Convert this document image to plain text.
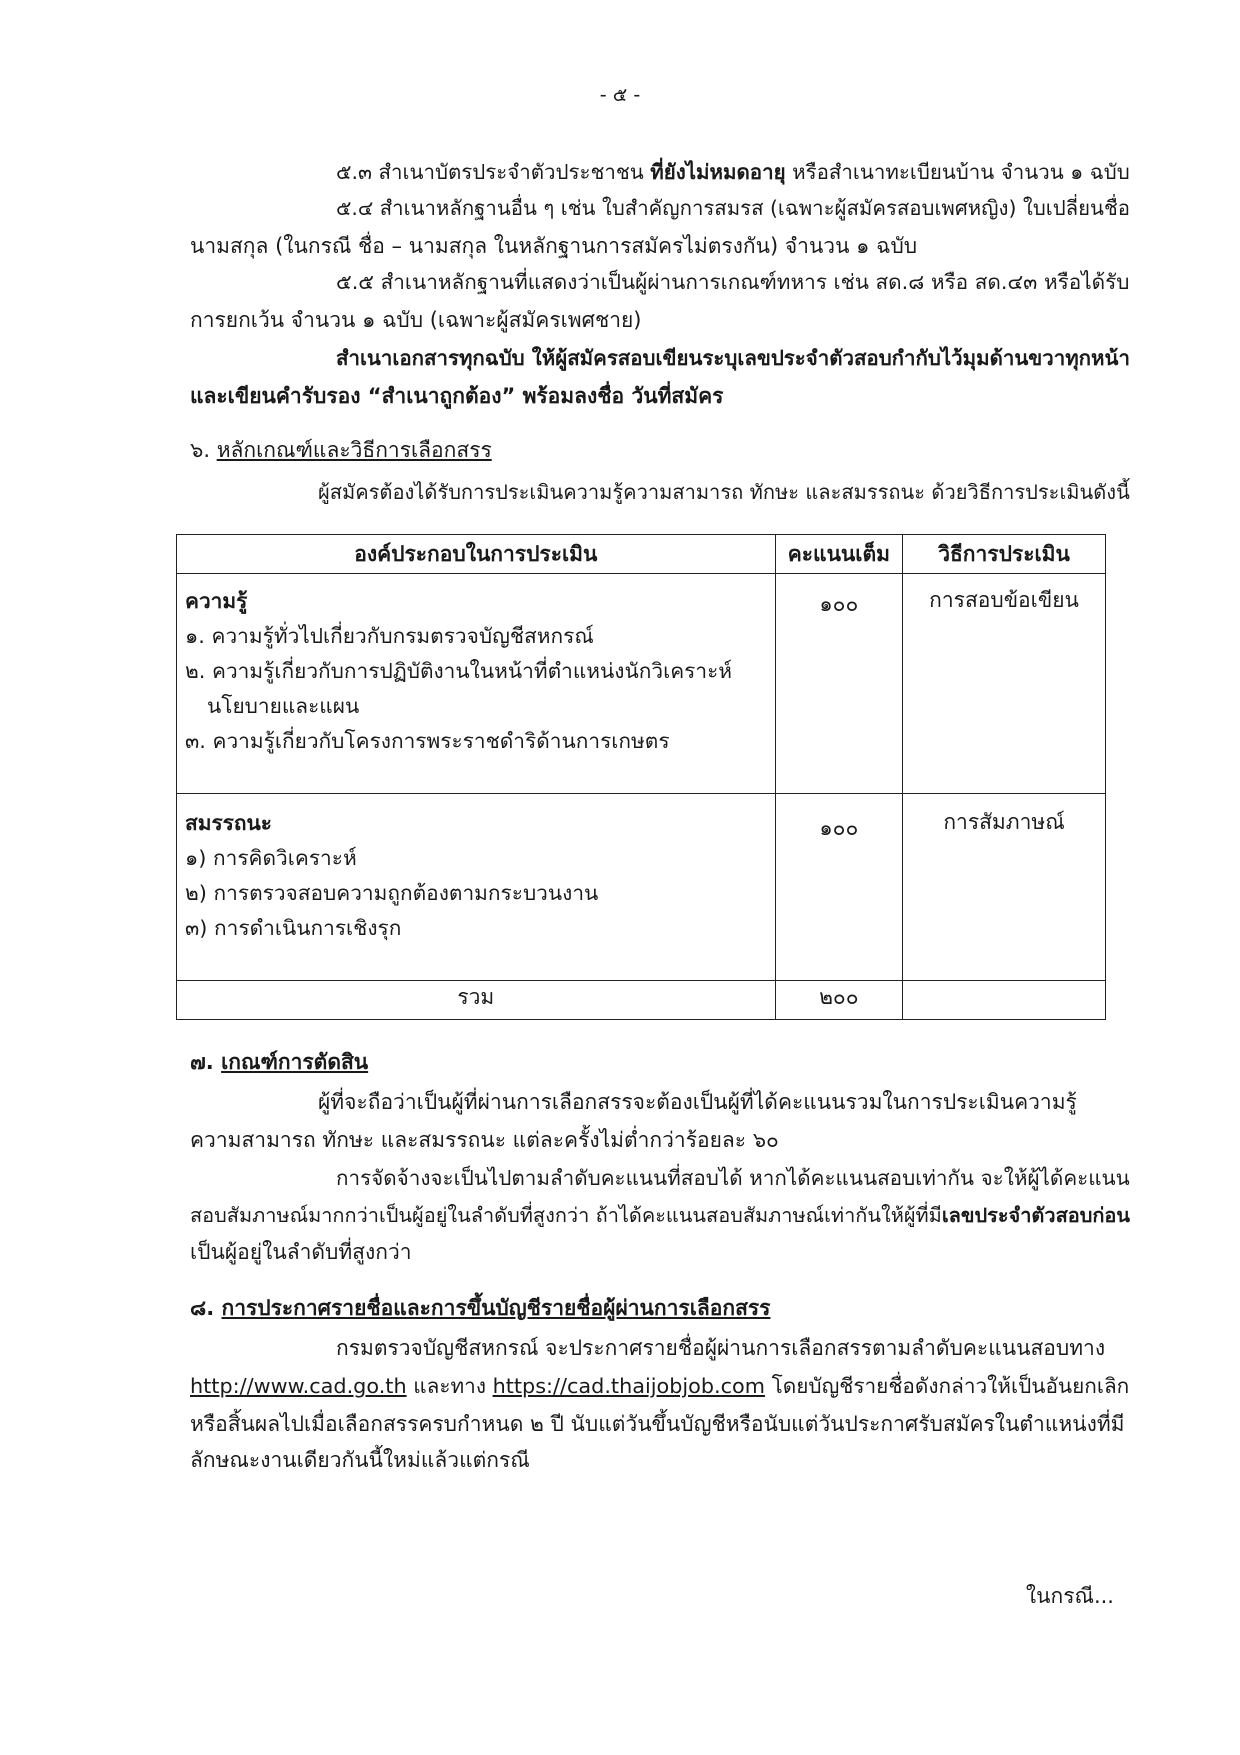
- ๕ -
๕.๓ สำเนาบัตรประจำตัวประชาชน ที่ยังไม่หมดอายุ หรือสำเนาทะเบียนบ้าน จำนวน ๑ ฉบับ
๕.๔ สำเนาหลักฐานอื่น ๆ เช่น ใบสำคัญการสมรส (เฉพาะผู้สมัครสอบเพศหญิง) ใบเปลี่ยนชื่อ
นามสกุล (ในกรณี ชื่อ – นามสกุล ในหลักฐานการสมัครไม่ตรงกัน) จำนวน ๑ ฉบับ
๕.๕ สำเนาหลักฐานที่แสดงว่าเป็นผู้ผ่านการเกณฑ์ทหาร เช่น สด.๘ หรือ สด.๔๓ หรือได้รับ
การยกเว้น จำนวน ๑ ฉบับ (เฉพาะผู้สมัครเพศชาย)
สำเนาเอกสารทุกฉบับ ให้ผู้สมัครสอบเขียนระบุเลขประจำตัวสอบกำกับไว้มุมด้านขวาทุกหน้า
และเขียนคำรับรอง “สำเนาถูกต้อง” พร้อมลงชื่อ วันที่สมัคร
๖. หลักเกณฑ์และวิธีการเลือกสรร
ผู้สมัครต้องได้รับการประเมินความรู้ความสามารถ ทักษะ และสมรรถนะ ด้วยวิธีการประเมินดังนี้
องค์ประกอบในการประเมิน	คะแนนเต็ม	วิธีการประเมิน

ความรู้
๑. ความรู้ทั่วไปเกี่ยวกับกรมตรวจบัญชีสหกรณ์
๒. ความรู้เกี่ยวกับการปฏิบัติงานในหน้าที่ตำแหน่งนักวิเคราะห์
นโยบายและแผน
๓. ความรู้เกี่ยวกับโครงการพระราชดำริด้านการเกษตร	๑๐๐	การสอบข้อเขียน

สมรรถนะ
๑) การคิดวิเคราะห์
๒) การตรวจสอบความถูกต้องตามกระบวนงาน
๓) การดำเนินการเชิงรุก	๑๐๐	การสัมภาษณ์
รวม	๒๐๐	
๗. เกณฑ์การตัดสิน
ผู้ที่จะถือว่าเป็นผู้ที่ผ่านการเลือกสรรจะต้องเป็นผู้ที่ได้คะแนนรวมในการประเมินความรู้
ความสามารถ ทักษะ และสมรรถนะ แต่ละครั้งไม่ต่ำกว่าร้อยละ ๖๐
การจัดจ้างจะเป็นไปตามลำดับคะแนนที่สอบได้ หากได้คะแนนสอบเท่ากัน จะให้ผู้ได้คะแนน
สอบสัมภาษณ์มากกว่าเป็นผู้อยู่ในลำดับที่สูงกว่า ถ้าได้คะแนนสอบสัมภาษณ์เท่ากันให้ผู้ที่มีเลขประจำตัวสอบก่อน
เป็นผู้อยู่ในลำดับที่สูงกว่า
๘. การประกาศรายชื่อและการขึ้นบัญชีรายชื่อผู้ผ่านการเลือกสรร
กรมตรวจบัญชีสหกรณ์ จะประกาศรายชื่อผู้ผ่านการเลือกสรรตามลำดับคะแนนสอบทาง
http://www.cad.go.th และทาง https://cad.thaijobjob.com โดยบัญชีรายชื่อดังกล่าวให้เป็นอันยกเลิก
หรือสิ้นผลไปเมื่อเลือกสรรครบกำหนด ๒ ปี นับแต่วันขึ้นบัญชีหรือนับแต่วันประกาศรับสมัครในตำแหน่งที่มี
ลักษณะงานเดียวกันนี้ใหม่แล้วแต่กรณี
ในกรณี...
